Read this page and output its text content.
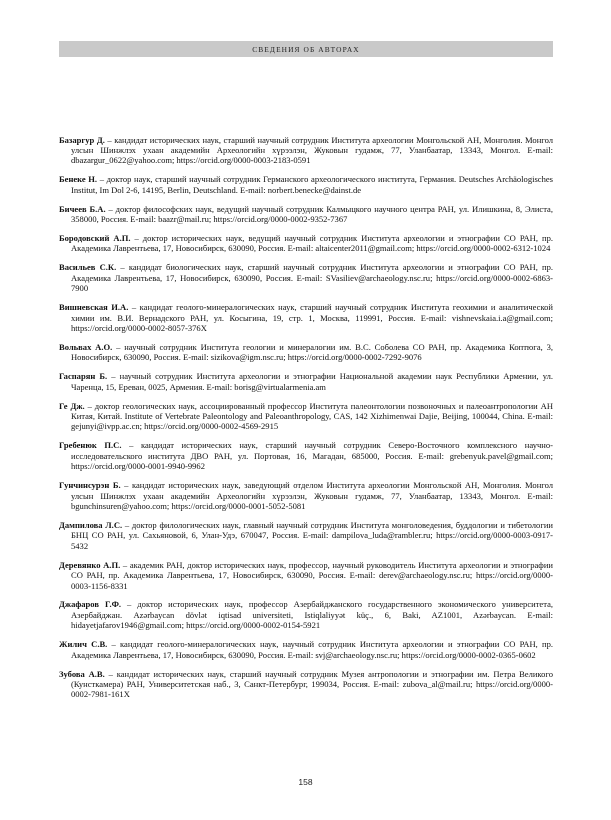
СВЕДЕНИЯ ОБ АВТОРАХ

Базаргур Д. – кандидат исторических наук, старший научный сотрудник Института археологии Монгольской АН, Монголия. Монгол улсын Шинжлэх ухаан академийн Археологийн хүрээлэн, Жуковын гудамж, 77, Уланбаатар, 13343, Монгол. E-mail: dbazargur_0622@yahoo.com; https://orcid.org/0000-0003-2183-0591

Бенеке Н. – доктор наук, старший научный сотрудник Германского археологического института, Германия. Deutsches Archäologisches Institut, Im Dol 2-6, 14195, Berlin, Deutschland. E-mail: norbert.benecke@dainst.de

Бичеев Б.А. – доктор философских наук, ведущий научный сотрудник Калмыцкого научного центра РАН, ул. Илишкина, 8, Элиста, 358000, Россия. E-mail: baazr@mail.ru; https://orcid.org/0000-0002-9352-7367

Бородовский А.П. – доктор исторических наук, ведущий научный сотрудник Института археологии и этнографии СО РАН, пр. Академика Лаврентьева, 17, Новосибирск, 630090, Россия. E-mail: altaicenter2011@gmail.com; https://orcid.org/0000-0002-6312-1024

Васильев С.К. – кандидат биологических наук, старший научный сотрудник Института археологии и этнографии СО РАН, пр. Академика Лаврентьева, 17, Новосибирск, 630090, Россия. E-mail: SVasiliev@archaeology.nsc.ru; https://orcid.org/0000-0002-6863-7900

Вишневская И.А. – кандидат геолого-минералогических наук, старший научный сотрудник Института геохимии и аналитической химии им. В.И. Вернадского РАН, ул. Косыгина, 19, стр. 1, Москва, 119991, Россия. E-mail: vishnevskaia.i.a@gmail.com; https://orcid.org/0000-0002-8057-376X

Вольвах А.О. – научный сотрудник Института геологии и минералогии им. В.С. Соболева СО РАН, пр. Академика Коптюга, 3, Новосибирск, 630090, Россия. E-mail: sizikova@igm.nsc.ru; https://orcid.org/0000-0002-7292-9076

Гаспарян Б. – научный сотрудник Института археологии и этнографии Национальной академии наук Республики Армении, ул. Чаренца, 15, Ереван, 0025, Армения. E-mail: borisg@virtualarmenia.am

Ге Дж. – доктор геологических наук, ассоциированный профессор Института палеонтологии позвоночных и палеоантропологии АН Китая, Китай. Institute of Vertebrate Paleontology and Paleoanthropology, CAS, 142 Xizhimenwai Dajie, Beijing, 100044, China. E-mail: gejunyi@ivpp.ac.cn; https://orcid.org/0000-0002-4569-2915

Гребенюк П.С. – кандидат исторических наук, старший научный сотрудник Северо-Восточного комплексного научно-исследовательского института ДВО РАН, ул. Портовая, 16, Магадан, 685000, Россия. E-mail: grebenyuk.pavel@gmail.com; https://orcid.org/0000-0001-9940-9962

Гунчинсурэн Б. – кандидат исторических наук, заведующий отделом Института археологии Монгольской АН, Монголия. Монгол улсын Шинжлэх ухаан академийн Археологийн хүрээлэн, Жуковын гудамж, 77, Уланбаатар, 13343, Монгол. E-mail: bgunchinsuren@yahoo.com; https://orcid.org/0000-0001-5052-5081

Дампилова Л.С. – доктор филологических наук, главный научный сотрудник Института монголоведения, буддологии и тибетологии БНЦ СО РАН, ул. Сахьяновой, 6, Улан-Удэ, 670047, Россия. E-mail: dampilova_luda@rambler.ru; https://orcid.org/0000-0003-0917-5432

Деревянко А.П. – академик РАН, доктор исторических наук, профессор, научный руководитель Института археологии и этнографии СО РАН, пр. Академика Лаврентьева, 17, Новосибирск, 630090, Россия. E-mail: derev@archaeology.nsc.ru; https://orcid.org/0000-0003-1156-8331

Джафаров Г.Ф. – доктор исторических наук, профессор Азербайджанского государственного экономического университета, Азербайджан. Azərbaycan dövlət iqtisad universiteti, Istiqlaliyyət küç., 6, Baki, AZ1001, Azərbaycan. E-mail: hidayetjafarov1946@gmail.com; https://orcid.org/0000-0002-0154-5921

Жилич С.В. – кандидат геолого-минералогических наук, научный сотрудник Института археологии и этнографии СО РАН, пр. Академика Лаврентьева, 17, Новосибирск, 630090, Россия. E-mail: svj@archaeology.nsc.ru; https://orcid.org/0000-0002-0365-0602

Зубова А.В. – кандидат исторических наук, старший научный сотрудник Музея антропологии и этнографии им. Петра Великого (Кунсткамера) РАН, Университетская наб., 3, Санкт-Петербург, 199034, Россия. E-mail: zubova_al@mail.ru; https://orcid.org/0000-0002-7981-161X

158
